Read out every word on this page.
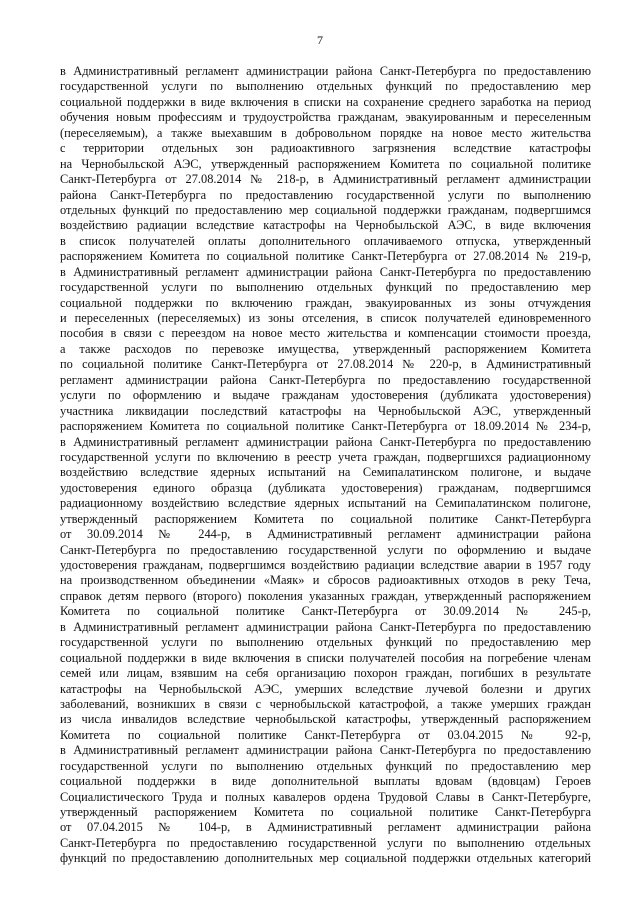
7
в Административный регламент администрации района Санкт-Петербурга по предоставлению
государственной услуги по выполнению отдельных функций по предоставлению мер
социальной поддержки в виде включения в списки на сохранение среднего заработка на период
обучения новым профессиям и трудоустройства гражданам, эвакуированным и переселенным
(переселяемым), а также выехавшим в добровольном порядке на новое место жительства
с территории отдельных зон радиоактивного загрязнения вследствие катастрофы
на Чернобыльской АЭС, утвержденный распоряжением Комитета по социальной политике
Санкт-Петербурга от 27.08.2014 № 218-р, в Административный регламент администрации
района Санкт-Петербурга по предоставлению государственной услуги по выполнению
отдельных функций по предоставлению мер социальной поддержки гражданам, подвергшимся
воздействию радиации вследствие катастрофы на Чернобыльской АЭС, в виде включения
в список получателей оплаты дополнительного оплачиваемого отпуска, утвержденный
распоряжением Комитета по социальной политике Санкт-Петербурга от 27.08.2014 № 219-р,
в Административный регламент администрации района Санкт-Петербурга по предоставлению
государственной услуги по выполнению отдельных функций по предоставлению мер
социальной поддержки по включению граждан, эвакуированных из зоны отчуждения
и переселенных (переселяемых) из зоны отселения, в список получателей единовременного
пособия в связи с переездом на новое место жительства и компенсации стоимости проезда,
а также расходов по перевозке имущества, утвержденный распоряжением Комитета
по социальной политике Санкт-Петербурга от 27.08.2014 № 220-р, в Административный
регламент администрации района Санкт-Петербурга по предоставлению государственной
услуги по оформлению и выдаче гражданам удостоверения (дубликата удостоверения)
участника ликвидации последствий катастрофы на Чернобыльской АЭС, утвержденный
распоряжением Комитета по социальной политике Санкт-Петербурга от 18.09.2014 № 234-р,
в Административный регламент администрации района Санкт-Петербурга по предоставлению
государственной услуги по включению в реестр учета граждан, подвергшихся радиационному
воздействию вследствие ядерных испытаний на Семипалатинском полигоне, и выдаче
удостоверения единого образца (дубликата удостоверения) гражданам, подвергшимся
радиационному воздействию вследствие ядерных испытаний на Семипалатинском полигоне,
утвержденный распоряжением Комитета по социальной политике Санкт-Петербурга
от 30.09.2014 № 244-р, в Административный регламент администрации района
Санкт-Петербурга по предоставлению государственной услуги по оформлению и выдаче
удостоверения гражданам, подвергшимся воздействию радиации вследствие аварии в 1957 году
на производственном объединении «Маяк» и сбросов радиоактивных отходов в реку Теча,
справок детям первого (второго) поколения указанных граждан, утвержденный распоряжением
Комитета по социальной политике Санкт-Петербурга от 30.09.2014 № 245-р,
в Административный регламент администрации района Санкт-Петербурга по предоставлению
государственной услуги по выполнению отдельных функций по предоставлению мер
социальной поддержки в виде включения в списки получателей пособия на погребение членам
семей или лицам, взявшим на себя организацию похорон граждан, погибших в результате
катастрофы на Чернобыльской АЭС, умерших вследствие лучевой болезни и других
заболеваний, возникших в связи с чернобыльской катастрофой, а также умерших граждан
из числа инвалидов вследствие чернобыльской катастрофы, утвержденный распоряжением
Комитета по социальной политике Санкт-Петербурга от 03.04.2015 № 92-р,
в Административный регламент администрации района Санкт-Петербурга по предоставлению
государственной услуги по выполнению отдельных функций по предоставлению мер
социальной поддержки в виде дополнительной выплаты вдовам (вдовцам) Героев
Социалистического Труда и полных кавалеров ордена Трудовой Славы в Санкт-Петербурге,
утвержденный распоряжением Комитета по социальной политике Санкт-Петербурга
от 07.04.2015 № 104-р, в Административный регламент администрации района
Санкт-Петербурга по предоставлению государственной услуги по выполнению отдельных
функций по предоставлению дополнительных мер социальной поддержки отдельных категорий
